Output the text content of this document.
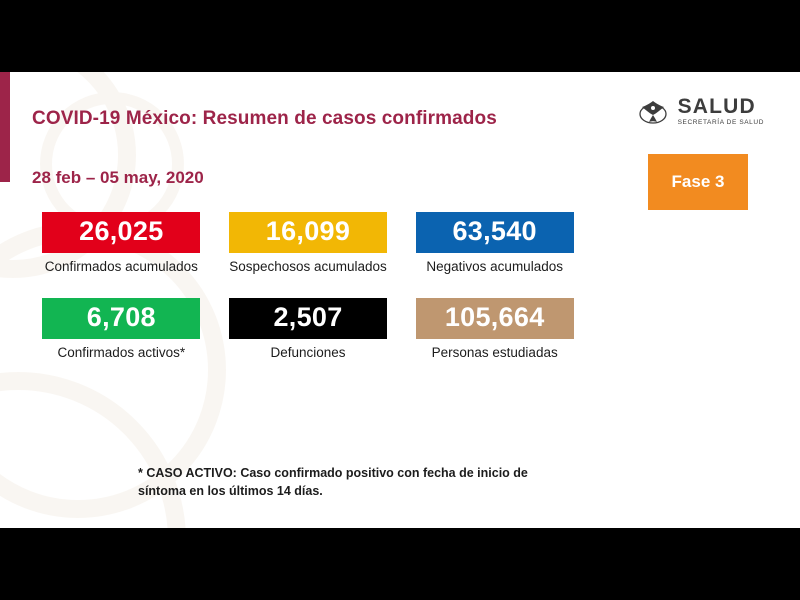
COVID-19 México: Resumen de casos confirmados
28 feb – 05 may, 2020
SALUD
SECRETARÍA DE SALUD
Fase 3
26,025
Confirmados acumulados
16,099
Sospechosos acumulados
63,540
Negativos acumulados
6,708
Confirmados activos*
2,507
Defunciones
105,664
Personas estudiadas
* CASO ACTIVO: Caso confirmado positivo con fecha de inicio de síntoma en los últimos 14 días.
